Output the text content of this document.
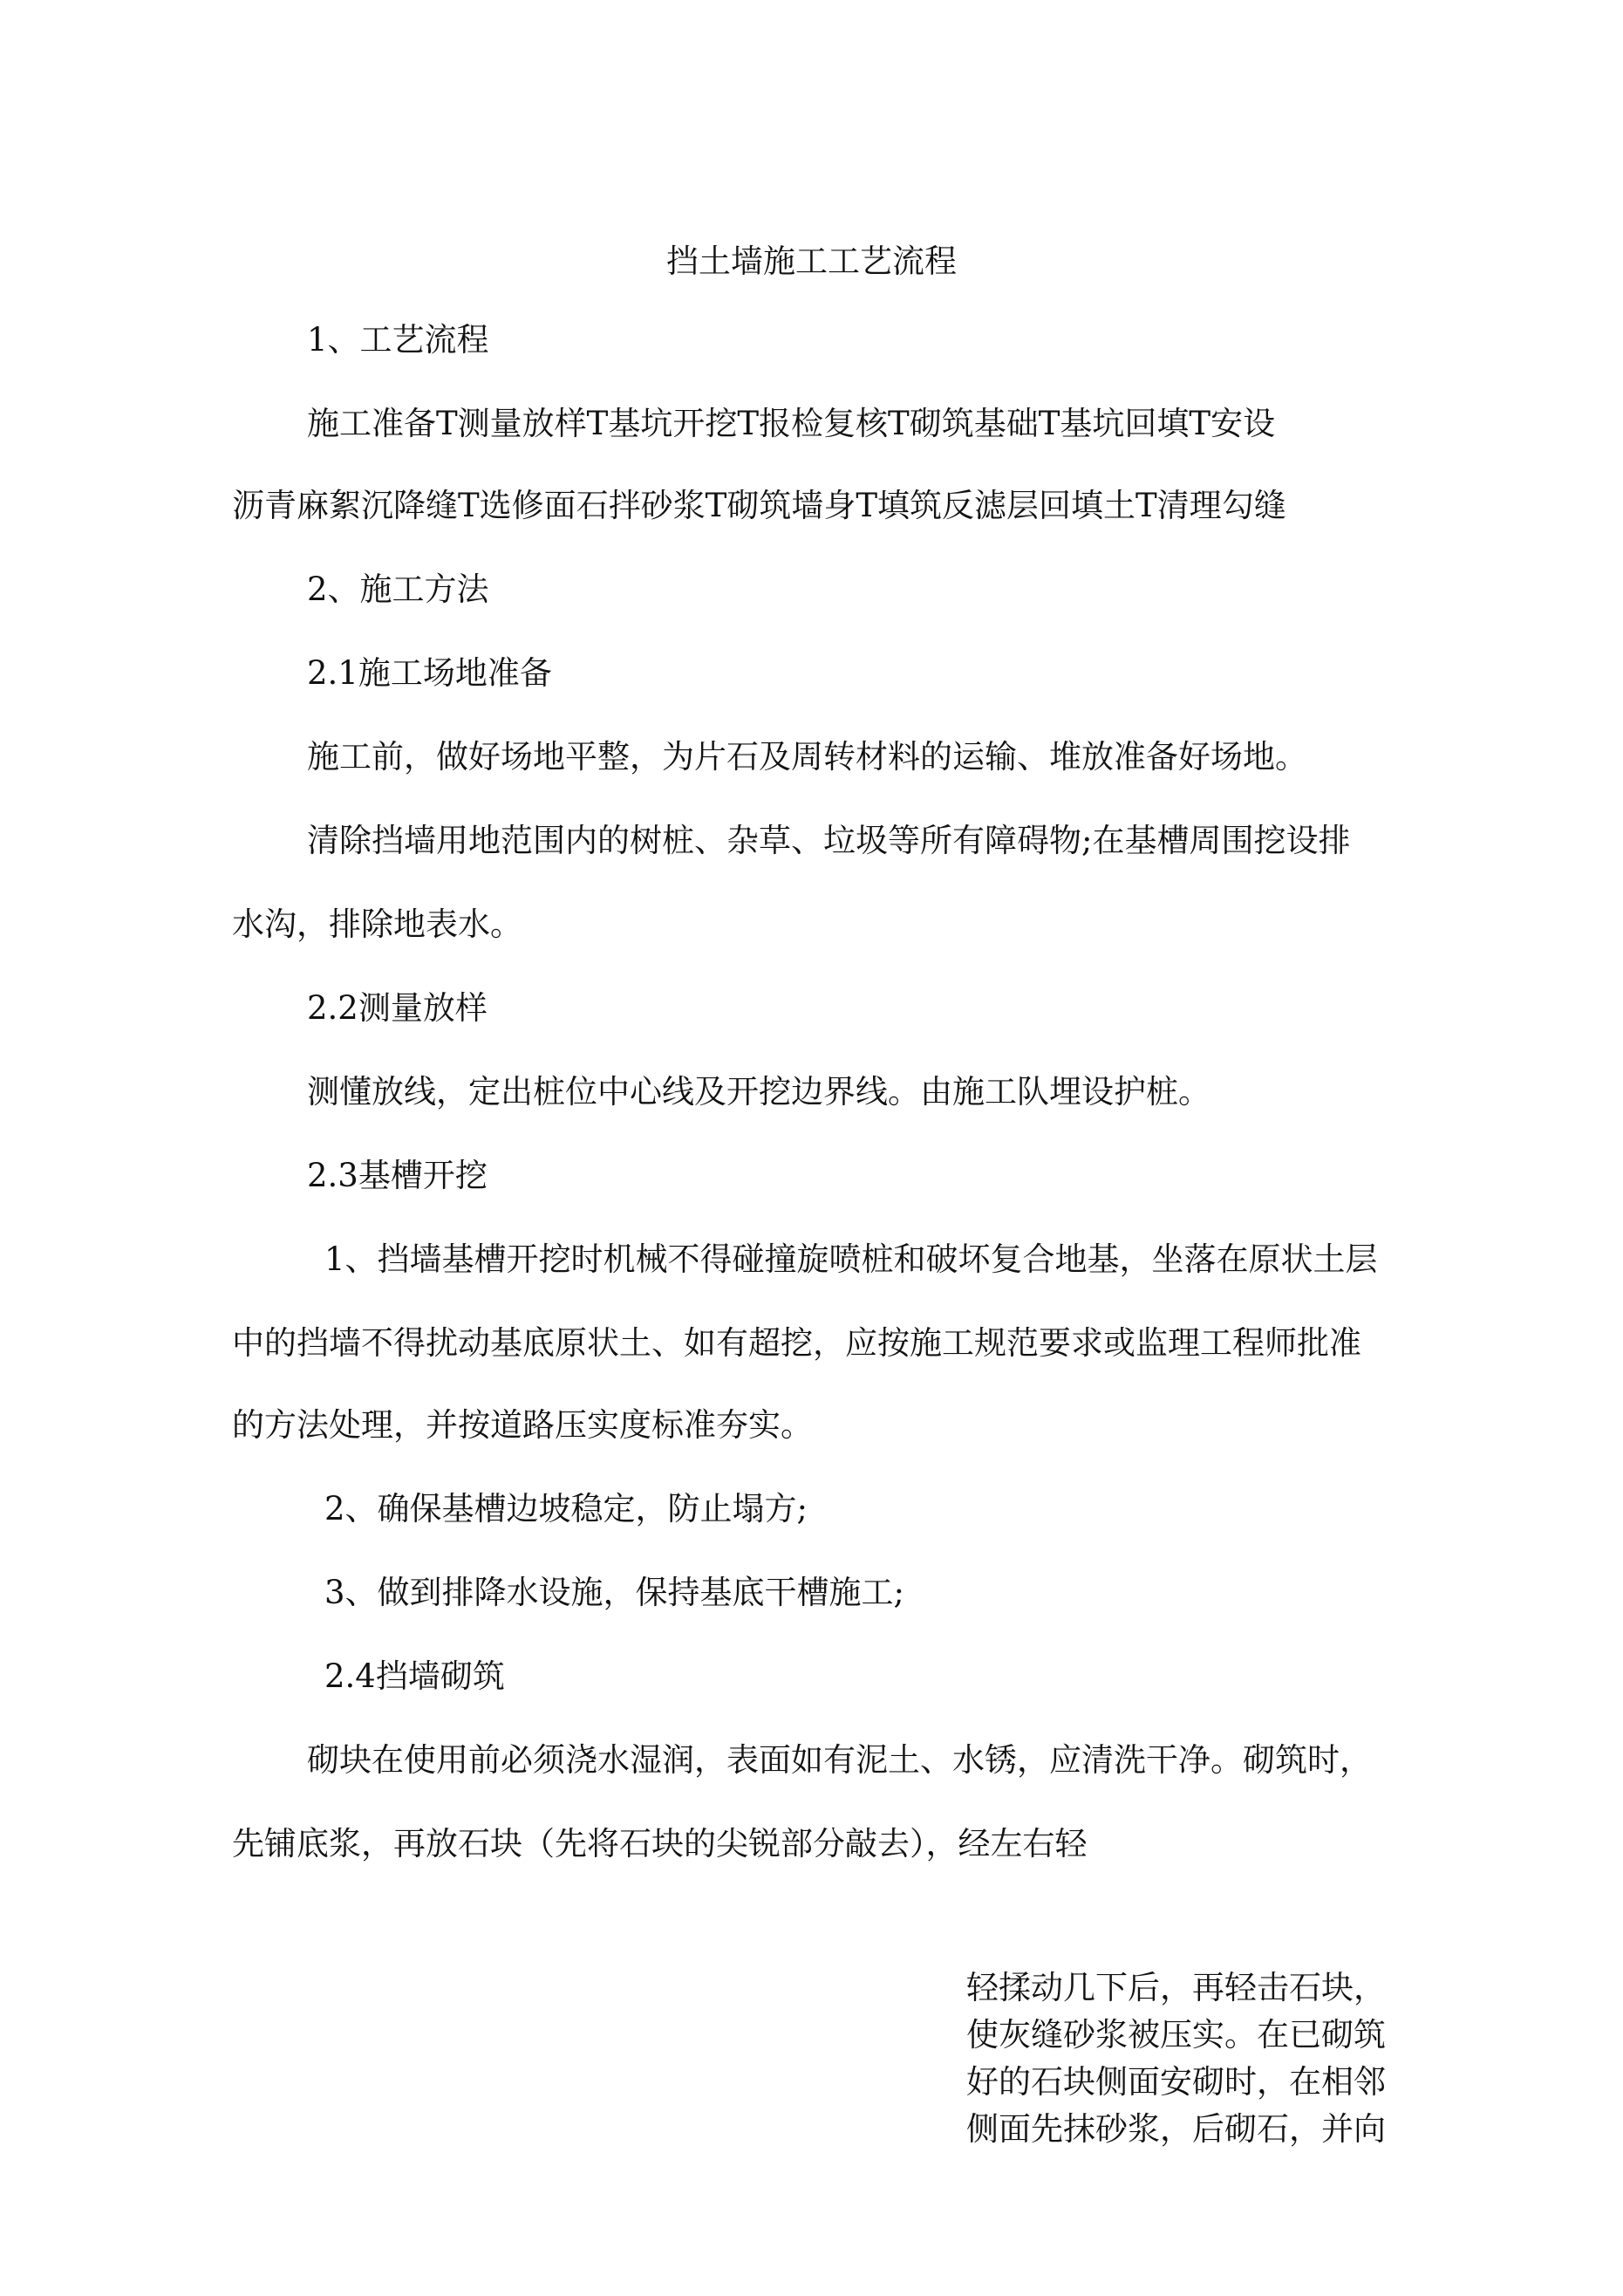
挡土墙施工工艺流程
1、工艺流程
施工准备T测量放样T基坑开挖T报检复核T砌筑基础T基坑回填T安设
沥青麻絮沉降缝T选修面石拌砂浆T砌筑墙身T填筑反滤层回填土T清理勾缝
2、施工方法
2.1施工场地准备
施工前，做好场地平整，为片石及周转材料的运输、堆放准备好场地。
清除挡墙用地范围内的树桩、杂草、垃圾等所有障碍物;在基槽周围挖设排
水沟，排除地表水。
2.2测量放样
测懂放线，定出桩位中心线及开挖边界线。由施工队埋设护桩。
2.3基槽开挖
1、挡墙基槽开挖时机械不得碰撞旋喷桩和破坏复合地基，坐落在原状土层
中的挡墙不得扰动基底原状土、如有超挖，应按施工规范要求或监理工程师批准
的方法处理，并按道路压实度标准夯实。
2、确保基槽边坡稳定，防止塌方;
3、做到排降水设施，保持基底干槽施工;
2.4挡墙砌筑
砌块在使用前必须浇水湿润，表面如有泥土、水锈，应清洗干净。砌筑时，
先铺底浆，再放石块（先将石块的尖锐部分敲去），经左右轻
轻揉动几下后，再轻击石块，
使灰缝砂浆被压实。在已砌筑
好的石块侧面安砌时，在相邻
侧面先抹砂浆，后砌石，并向
